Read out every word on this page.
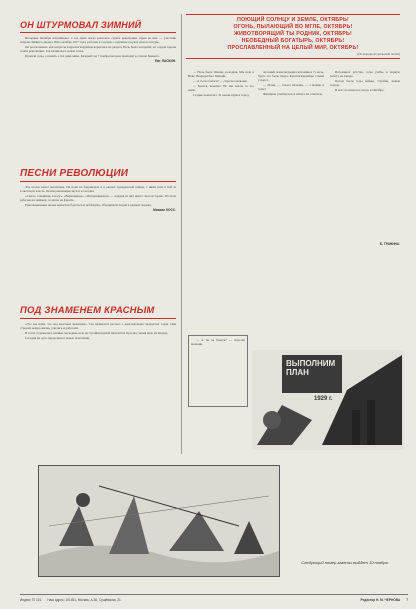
ОН ШТУРМОВАЛ ЗИМНИЙ

Ветераны Октября вспоминают о тех днях, когда решалась судьба революции. Один из них — участник штурма Зимнего дворца. Шёл октябрь 1917 года, рабочие и солдаты с оружием в руках шли на штурм.

Он рассказывает, как матросы и красногвардейцы ворвались во дворец. Ночь была холодной, но сердца горели огнём революции. Так начиналась новая эпоха.

Прошли годы, а память о тех днях жива. Каждый год 7 ноября ветеран приходит к стенам Зимнего.

Евг. ЛАСКИН.
ПЕСНИ РЕВОЛЮЦИИ

Эти песни знают миллионы. Их пели на баррикадах и в окопах гражданской войны, с ними шли в бой за Советскую власть. Песни революции звучат и сегодня.

«Смело, товарищи, в ногу», «Варшавянка», «Интернационал» — каждая из них имеет свою историю. Их пели рабочие на маёвках, солдаты на фронте.

Революционные песни помогали бороться и побеждать, объединяли людей в едином порыве.

Михаил КОСС.
ПОД ЗНАМЕНЕМ КРАСНЫМ

«Это мы идём, это под красным знаменем». Так начинался рассказ о комсомольцах двадцатых годов. Они строили новую жизнь, учились и работали.

В селах создавались ячейки, молодёжь шла на стройки первой пятилетки. Красное знамя вело их вперёд.

Сегодня их дело продолжают новые поколения.

ПОЮЩИЙ СОЛНЦУ И ЗЕМЛЕ, ОКТЯБРЬ!
ОГОНЬ, ПЫЛАЮЩИЙ ВО МГЛЕ, ОКТЯБРЬ!
ЖИВОТВОРЯЩИЙ ТЫ РОДНИК, ОКТЯБРЬ!
НЕОБЕДНЫЙ БОГАТЫРЬ, ОКТЯБРЬ!
ПРОСЛАВЛЕННЫЙ НА ЦЕЛЫЙ МИР, ОКТЯБРЬ!
(Из народной уральской песни)

— Ночь была тёмная, холодная. Мы шли к Неве. Впереди был Зимний.

— А ты не боялся? — спросил мальчик.

— Боялся, конечно. Но мы знали, за что идём.

Старик помолчал. За окном шумел город.

Арсений Александрович вспоминал ту ночь, будто это было вчера. Красногвардейцы стояли у ворот.

— Мама, — сказал мальчик, — а можно я тоже?

Женщина улыбнулась и ничего не ответила.

Вспоминал детство, годы учёбы и первую работу на заводе.

Потом были годы войны, стройки, новые города.

И всё это началось тогда, в Октябре.

Б. ГРАНИНА.

— А ты не боялся? — спросил мальчик.

ВЫПОЛНИМ
ПЛАН
1929 г.
Следующий номер газеты выйдет 10 ноября.
Индекс 70 101 Наш адрес: 101451, Москва, А-30, Сущёвская, 21.	Редактор Н. М. ЧЕРНОВА 7
